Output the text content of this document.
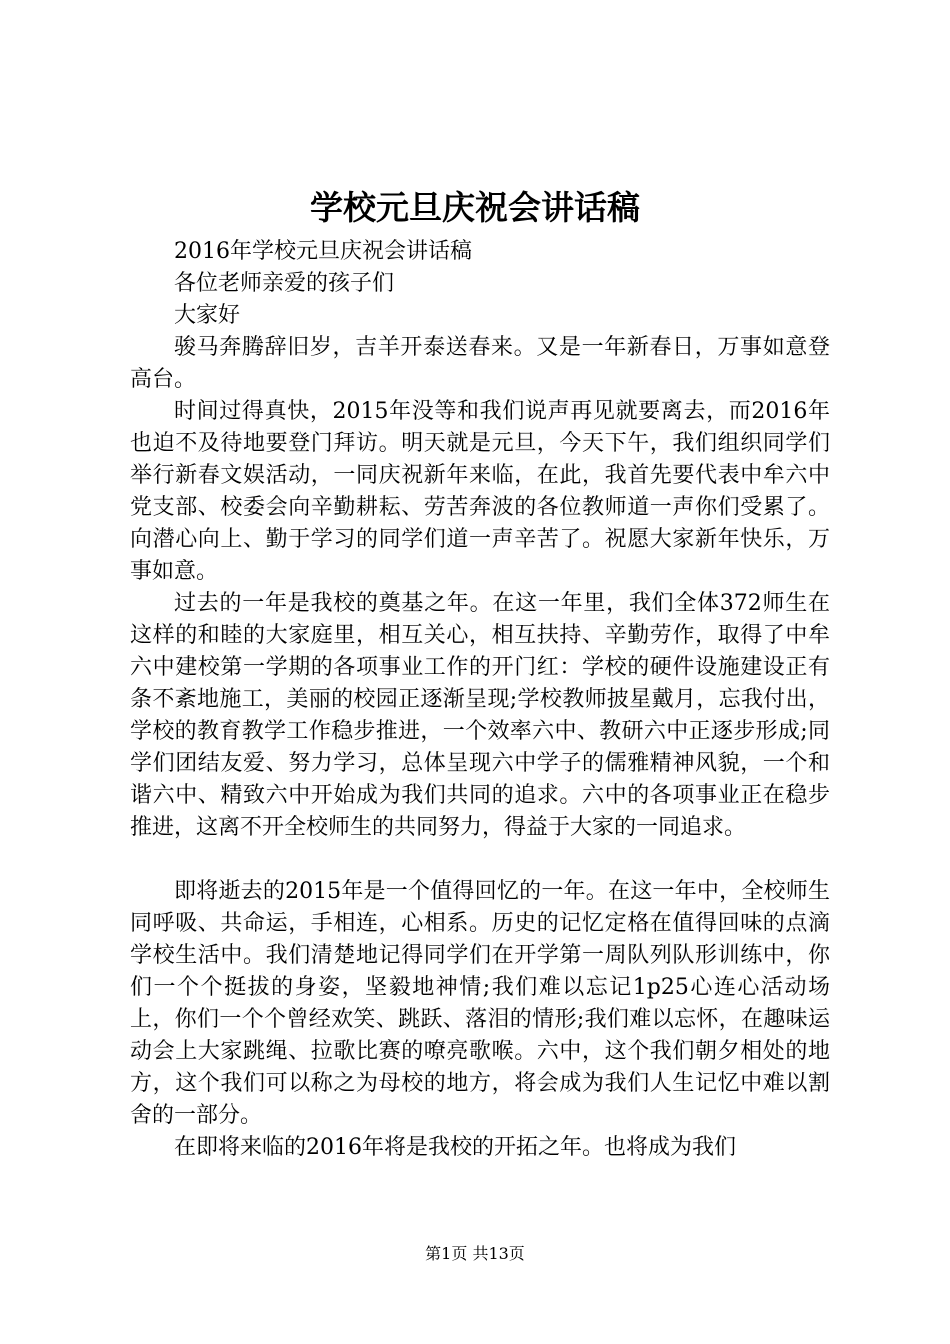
学校元旦庆祝会讲话稿

2016年学校元旦庆祝会讲话稿

各位老师亲爱的孩子们

大家好

骏马奔腾辞旧岁，吉羊开泰送春来。又是一年新春日，万事如意登高台。

时间过得真快，2015年没等和我们说声再见就要离去，而2016年也迫不及待地要登门拜访。明天就是元旦，今天下午，我们组织同学们举行新春文娱活动，一同庆祝新年来临，在此，我首先要代表中牟六中党支部、校委会向辛勤耕耘、劳苦奔波的各位教师道一声你们受累了。向潜心向上、勤于学习的同学们道一声辛苦了。祝愿大家新年快乐，万事如意。

过去的一年是我校的奠基之年。在这一年里，我们全体372师生在这样的和睦的大家庭里，相互关心，相互扶持、辛勤劳作，取得了中牟六中建校第一学期的各项事业工作的开门红：学校的硬件设施建设正有条不紊地施工，美丽的校园正逐渐呈现;学校教师披星戴月，忘我付出，学校的教育教学工作稳步推进，一个效率六中、教研六中正逐步形成;同学们团结友爱、努力学习，总体呈现六中学子的儒雅精神风貌，一个和谐六中、精致六中开始成为我们共同的追求。六中的各项事业正在稳步推进，这离不开全校师生的共同努力，得益于大家的一同追求。

即将逝去的2015年是一个值得回忆的一年。在这一年中，全校师生同呼吸、共命运，手相连，心相系。历史的记忆定格在值得回味的点滴学校生活中。我们清楚地记得同学们在开学第一周队列队形训练中，你们一个个挺拔的身姿，坚毅地神情;我们难以忘记1p25心连心活动场上，你们一个个曾经欢笑、跳跃、落泪的情形;我们难以忘怀，在趣味运动会上大家跳绳、拉歌比赛的嘹亮歌喉。六中，这个我们朝夕相处的地方，这个我们可以称之为母校的地方，将会成为我们人生记忆中难以割舍的一部分。

在即将来临的2016年将是我校的开拓之年。也将成为我们

第1页 共13页
